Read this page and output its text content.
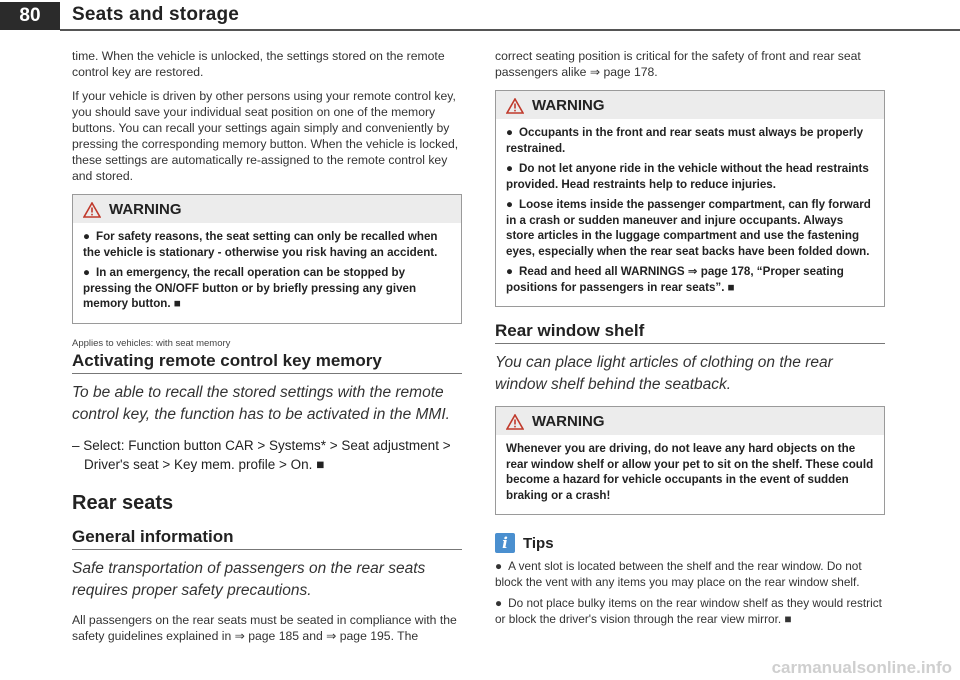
80	Seats and storage

time. When the vehicle is unlocked, the settings stored on the remote control key are restored.

If your vehicle is driven by other persons using your remote control key, you should save your individual seat position on one of the memory buttons. You can recall your settings again simply and conveniently by pressing the corresponding memory button. When the vehicle is locked, these settings are automatically re-assigned to the remote control key and stored.

WARNING
● For safety reasons, the seat setting can only be recalled when the vehicle is stationary - otherwise you risk having an accident.
● In an emergency, the recall operation can be stopped by pressing the ON/OFF button or by briefly pressing any given memory button. ■
Applies to vehicles: with seat memory
Activating remote control key memory
To be able to recall the stored settings with the remote control key, the function has to be activated in the MMI.
– Select: Function button CAR > Systems* > Seat adjustment > Driver's seat > Key mem. profile > On. ■
Rear seats
General information
Safe transportation of passengers on the rear seats requires proper safety precautions.

All passengers on the rear seats must be seated in compliance with the safety guidelines explained in ⇒ page 185 and ⇒ page 195. The

correct seating position is critical for the safety of front and rear seat passengers alike ⇒ page 178.

WARNING
● Occupants in the front and rear seats must always be properly restrained.
● Do not let anyone ride in the vehicle without the head restraints provided. Head restraints help to reduce injuries.
● Loose items inside the passenger compartment, can fly forward in a crash or sudden maneuver and injure occupants. Always store articles in the luggage compartment and use the fastening eyes, especially when the rear seat backs have been folded down.
● Read and heed all WARNINGS ⇒ page 178, “Proper seating positions for passengers in rear seats”. ■
Rear window shelf
You can place light articles of clothing on the rear window shelf behind the seatback.
WARNING
Whenever you are driving, do not leave any hard objects on the rear window shelf or allow your pet to sit on the shelf. These could become a hazard for vehicle occupants in the event of sudden braking or a crash!
i	Tips
● A vent slot is located between the shelf and the rear window. Do not block the vent with any items you may place on the rear window shelf.
● Do not place bulky items on the rear window shelf as they would restrict or block the driver's vision through the rear view mirror. ■
carmanualsonline.info
